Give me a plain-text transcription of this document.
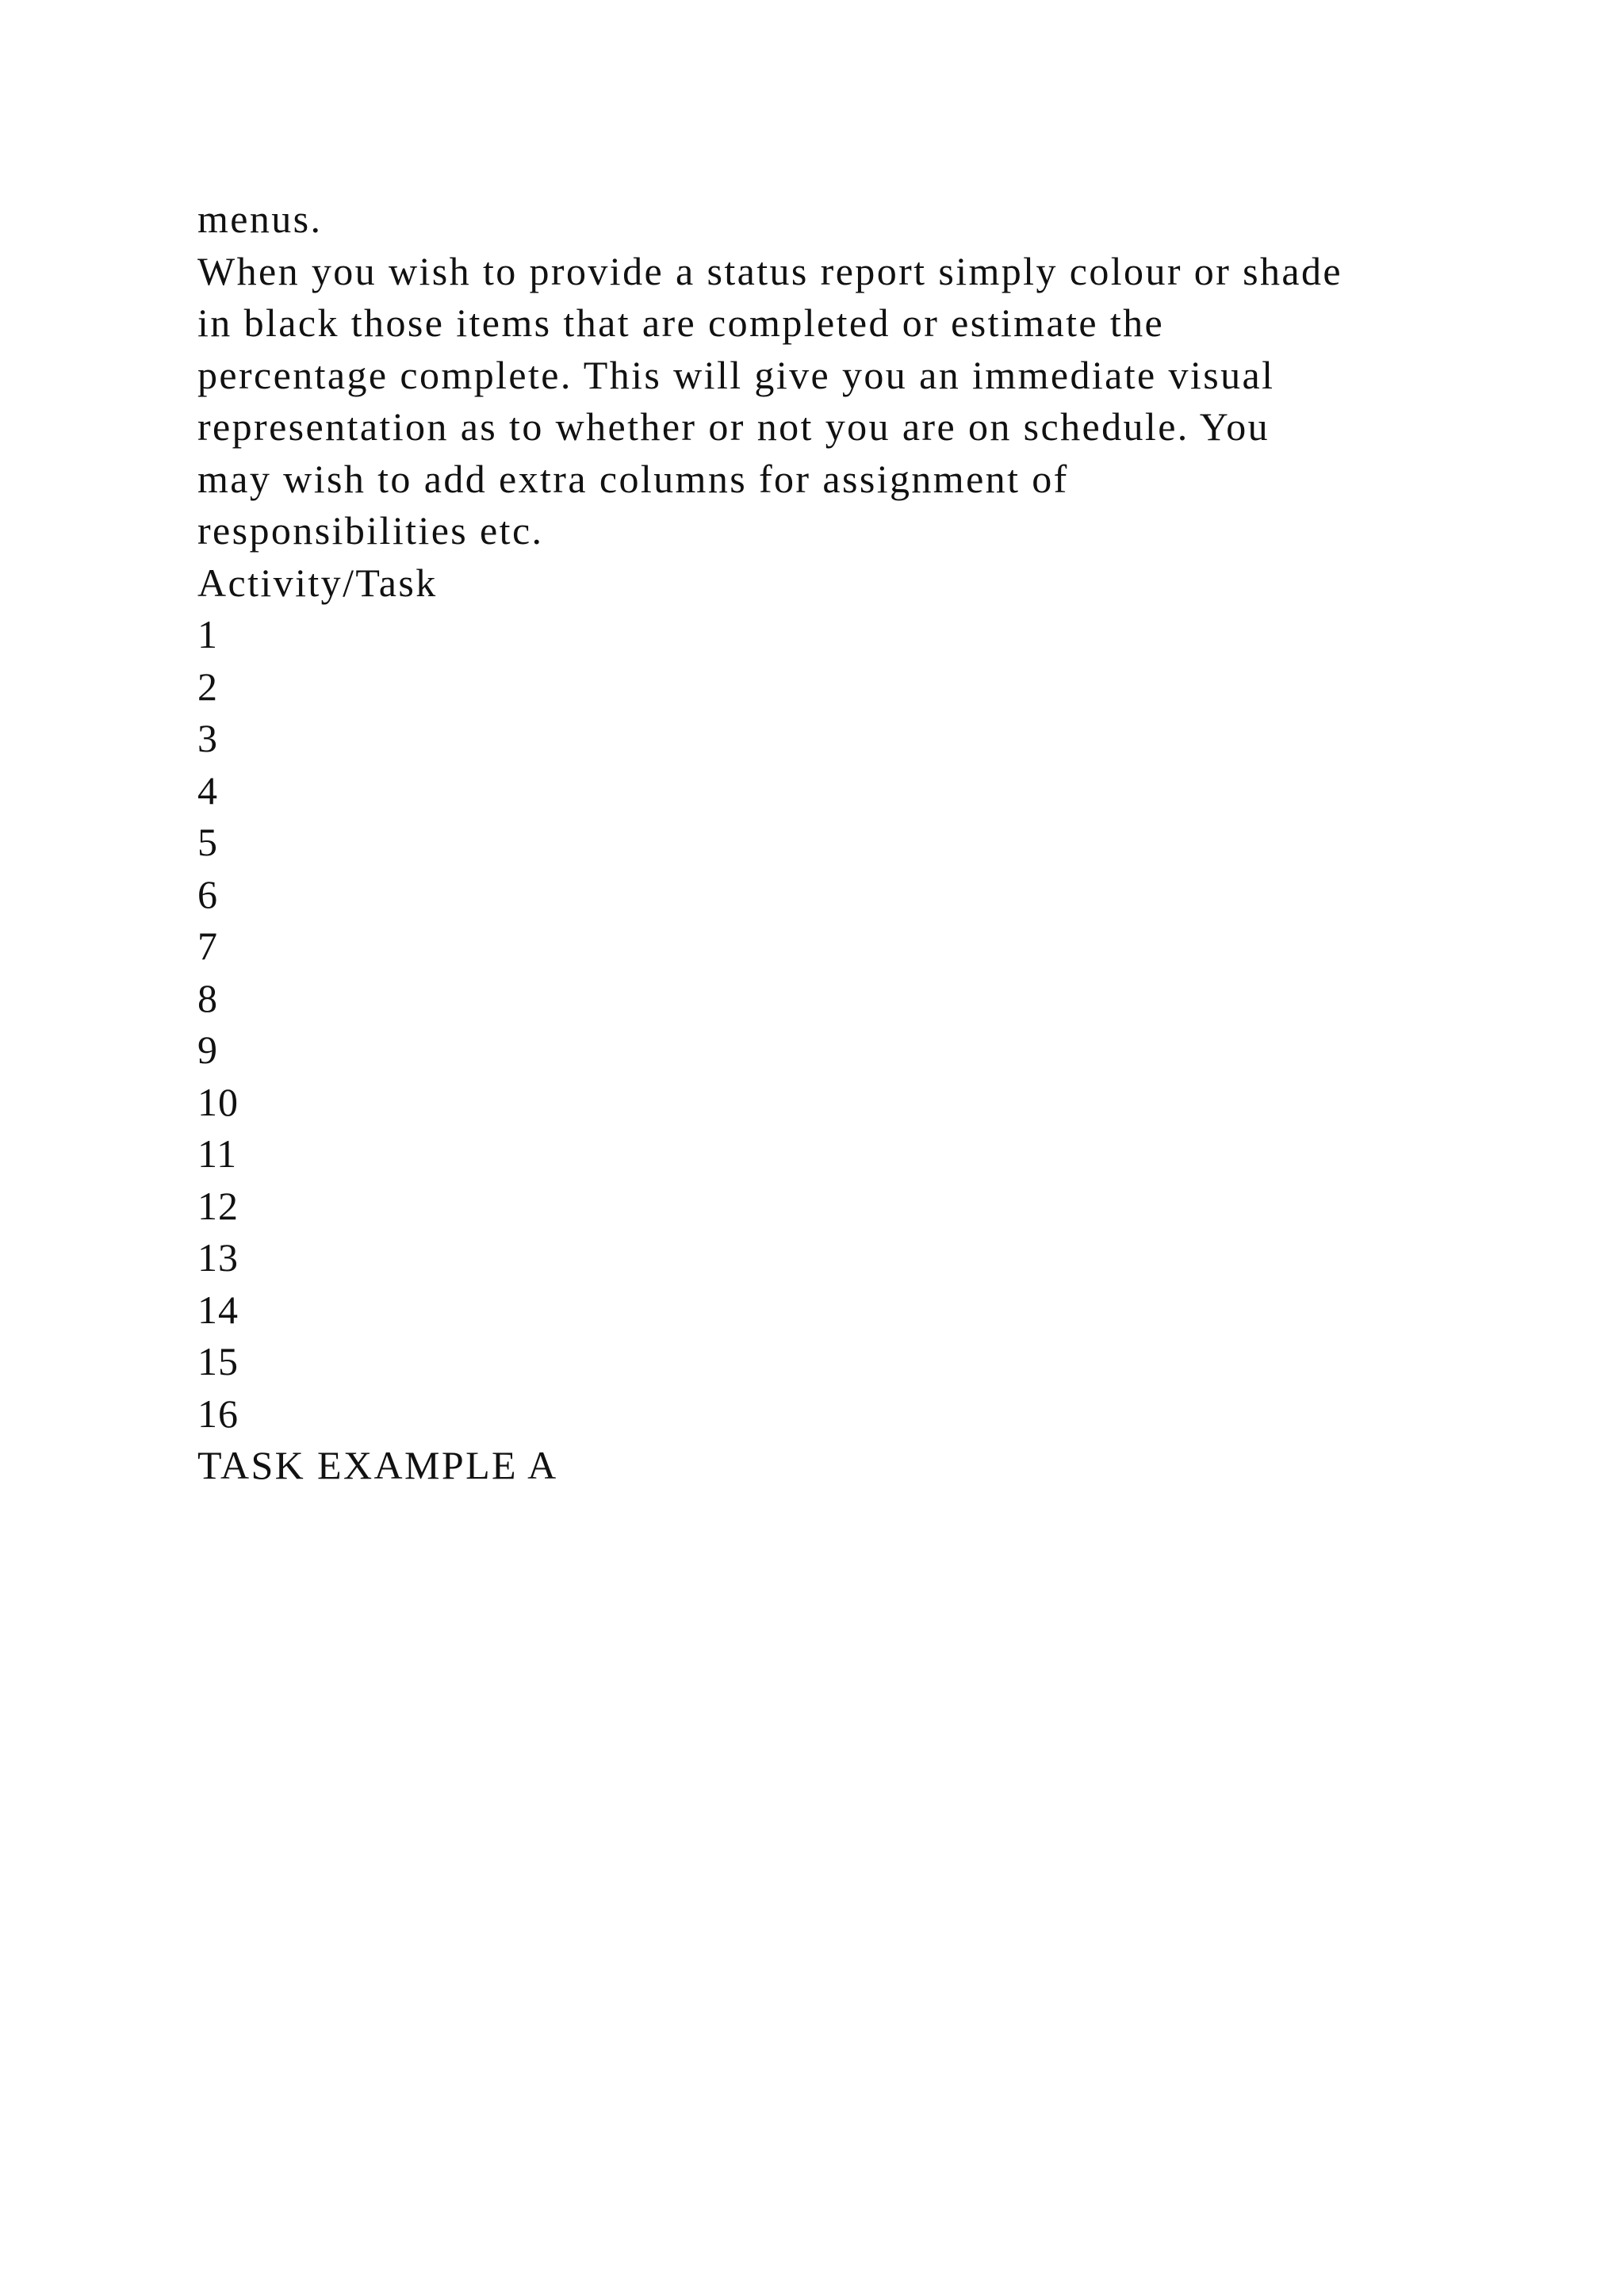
menus.
When you wish to provide a status report simply colour or shade
in black those items that are completed or estimate the
percentage complete. This will give you an immediate visual
representation as to whether or not you are on schedule. You
may wish to add extra columns for assignment of
responsibilities etc.
Activity/Task
1
2
3
4
5
6
7
8
9
10
11
12
13
14
15
16
TASK EXAMPLE A
